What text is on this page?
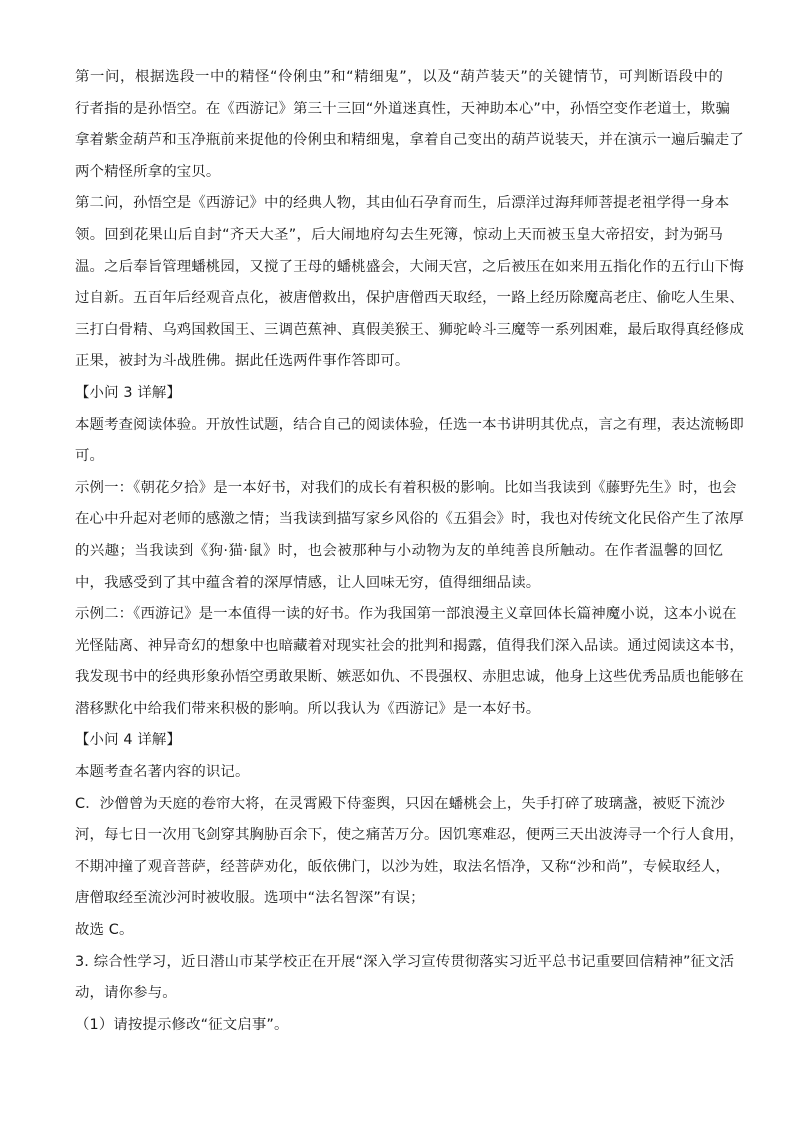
第一问，根据选段一中的精怪“伶俐虫”和“精细鬼”，以及“葫芦装天”的关键情节，可判断语段中的
行者指的是孙悟空。在《西游记》第三十三回“外道迷真性，天神助本心”中，孙悟空变作老道士，欺骗
拿着紫金葫芦和玉净瓶前来捉他的伶俐虫和精细鬼，拿着自己变出的葫芦说装天，并在演示一遍后骗走了
两个精怪所拿的宝贝。
第二问，孙悟空是《西游记》中的经典人物，其由仙石孕育而生，后漂洋过海拜师菩提老祖学得一身本
领。回到花果山后自封“齐天大圣”，后大闹地府勾去生死簿，惊动上天而被玉皇大帝招安，封为弼马
温。之后奉旨管理蟠桃园，又搅了王母的蟠桃盛会，大闹天宫，之后被压在如来用五指化作的五行山下悔
过自新。五百年后经观音点化，被唐僧救出，保护唐僧西天取经，一路上经历除魔高老庄、偷吃人生果、
三打白骨精、乌鸡国救国王、三调芭蕉神、真假美猴王、狮驼岭斗三魔等一系列困难，最后取得真经修成
正果，被封为斗战胜佛。据此任选两件事作答即可。
【小问 3 详解】
本题考查阅读体验。开放性试题，结合自己的阅读体验，任选一本书讲明其优点，言之有理，表达流畅即
可。
示例一：《朝花夕拾》是一本好书，对我们的成长有着积极的影响。比如当我读到《藤野先生》时，也会
在心中升起对老师的感激之情；当我读到描写家乡风俗的《五猖会》时，我也对传统文化民俗产生了浓厚
的兴趣；当我读到《狗·猫·鼠》时，也会被那种与小动物为友的单纯善良所触动。在作者温馨的回忆
中，我感受到了其中蕴含着的深厚情感，让人回味无穷，值得细细品读。
示例二：《西游记》是一本值得一读的好书。作为我国第一部浪漫主义章回体长篇神魔小说，这本小说在
光怪陆离、神异奇幻的想象中也暗藏着对现实社会的批判和揭露，值得我们深入品读。通过阅读这本书，
我发现书中的经典形象孙悟空勇敢果断、嫉恶如仇、不畏强权、赤胆忠诚，他身上这些优秀品质也能够在
潜移默化中给我们带来积极的影响。所以我认为《西游记》是一本好书。
【小问 4 详解】
本题考查名著内容的识记。
C．沙僧曾为天庭的卷帘大将，在灵霄殿下侍銮舆，只因在蟠桃会上，失手打碎了玻璃盏，被贬下流沙
河，每七日一次用飞剑穿其胸胁百余下，使之痛苦万分。因饥寒难忍，便两三天出波涛寻一个行人食用，
不期冲撞了观音菩萨，经菩萨劝化，皈依佛门，以沙为姓，取法名悟净，又称“沙和尚”，专候取经人，
唐僧取经至流沙河时被收服。选项中“法名智深”有误；
故选 C。
3. 综合性学习，近日潜山市某学校正在开展“深入学习宣传贯彻落实习近平总书记重要回信精神”征文活
动，请你参与。
（1）请按提示修改“征文启事”。
